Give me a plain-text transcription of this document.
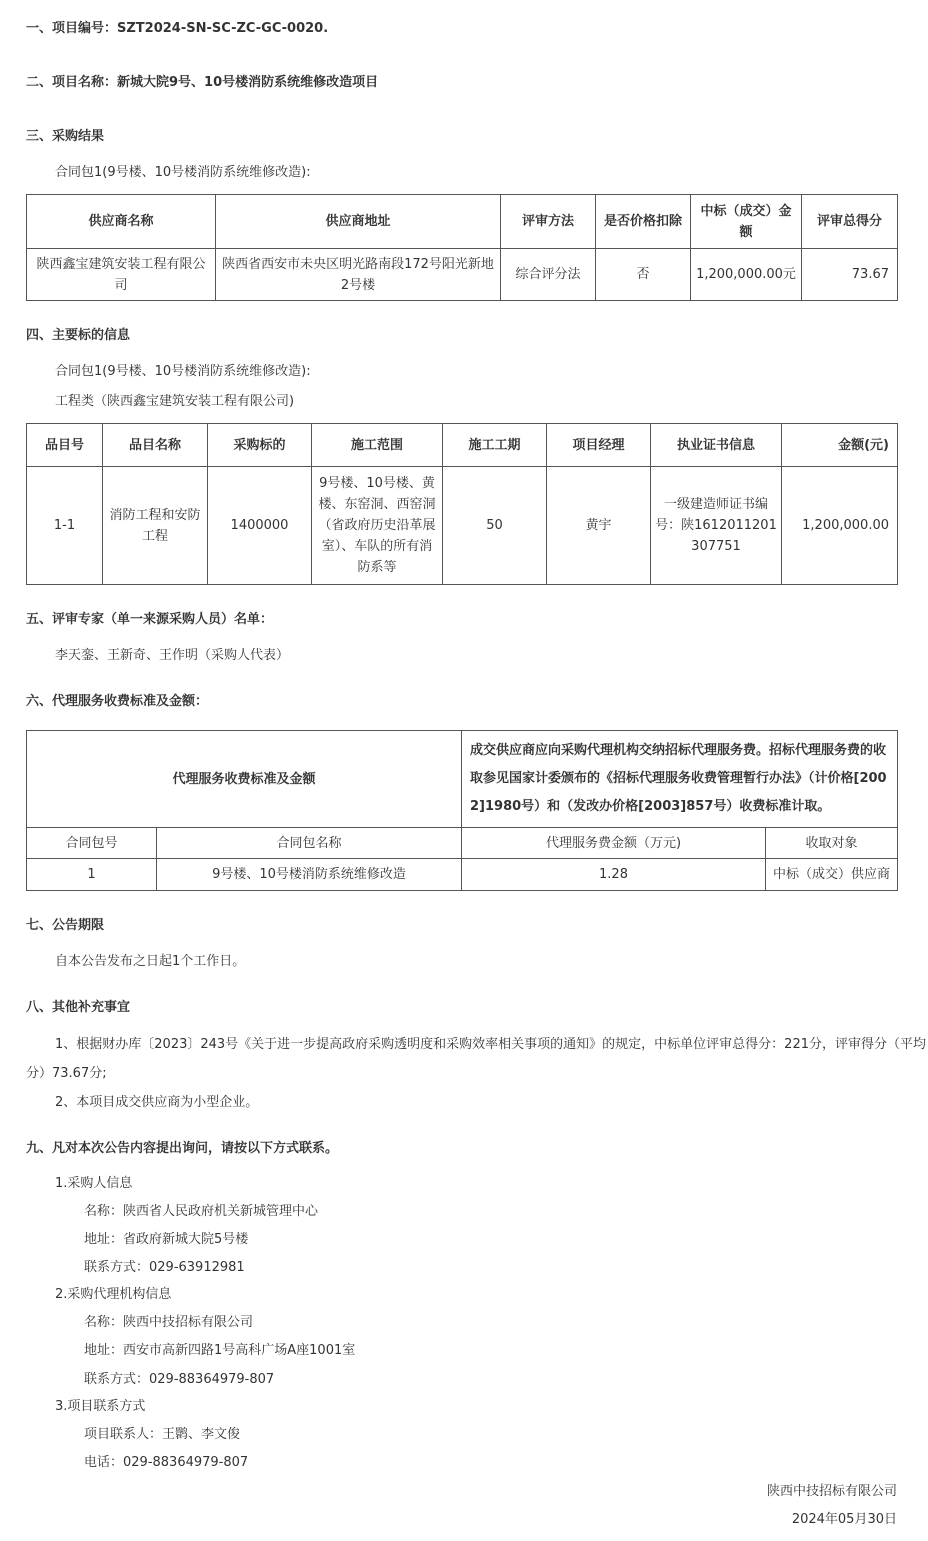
一、项目编号：SZT2024-SN-SC-ZC-GC-0020.
二、项目名称：新城大院9号、10号楼消防系统维修改造项目
三、采购结果
合同包1(9号楼、10号楼消防系统维修改造):
供应商名称	供应商地址	评审方法	是否价格扣除	中标（成交）金额	评审总得分
陕西鑫宝建筑安装工程有限公司	陕西省西安市未央区明光路南段172号阳光新地2号楼	综合评分法	否	1,200,000.00元	73.67
四、主要标的信息
合同包1(9号楼、10号楼消防系统维修改造):
工程类（陕西鑫宝建筑安装工程有限公司)
品目号	品目名称	采购标的	施工范围	施工工期	项目经理	执业证书信息	金额(元)
1-1	消防工程和安防工程	1400000	9号楼、10号楼、黄楼、东窑洞、西窑洞（省政府历史沿革展室）、车队的所有消防系等	50	黄宇	一级建造师证书编号：陕1612011201307751	1,200,000.00
五、评审专家（单一来源采购人员）名单：
李天銮、王新奇、王作明（采购人代表）
六、代理服务收费标准及金额：
代理服务收费标准及金额		成交供应商应向采购代理机构交纳招标代理服务费。招标代理服务费的收取参见国家计委颁布的《招标代理服务收费管理暂行办法》（计价格[2002]1980号）和（发改办价格[2003]857号）收费标准计取。	
合同包号	合同包名称	代理服务费金额（万元)	收取对象
1	9号楼、10号楼消防系统维修改造	1.28	中标（成交）供应商
七、公告期限
自本公告发布之日起1个工作日。
八、其他补充事宜
1、根据财办库〔2023〕243号《关于进一步提高政府采购透明度和采购效率相关事项的通知》的规定，中标单位评审总得分：221分，评审得分（平均
分）73.67分;
2、本项目成交供应商为小型企业。
九、凡对本次公告内容提出询问，请按以下方式联系。
1.采购人信息
名称：陕西省人民政府机关新城管理中心
地址：省政府新城大院5号楼
联系方式：029-63912981
2.采购代理机构信息
名称：陕西中技招标有限公司
地址：西安市高新四路1号高科广场A座1001室
联系方式：029-88364979-807
3.项目联系方式
项目联系人：王鹮、李文俊
电话：029-88364979-807
陕西中技招标有限公司
2024年05月30日
